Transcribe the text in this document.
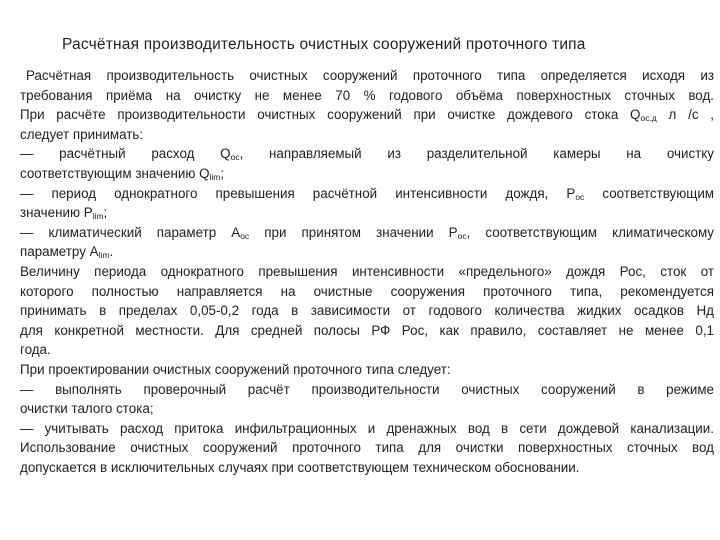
Расчётная производительность очистных сооружений проточного типа
Расчётная производительность очистных сооружений проточного типа определяется исходя из
требования приёма на очистку не менее 70 % годового объёма поверхностных сточных вод.
При расчёте производительности очистных сооружений при очистке дождевого стока $Q_{ос.д}$ л /с ,
следует принимать:
— расчётный расход $Q_{ос}$, направляемый из разделительной камеры на очистку
соответствующим значению $Q_{lim}$;
— период однократного превышения расчётной интенсивности дождя, $P_{ос}$ соответствующим
значению $P_{lim}$;
— климатический параметр $A_{ос}$ при принятом значении $P_{ос}$, соответствующим климатическому
параметру $A_{lim}$.
Величину периода однократного превышения интенсивности «предельного» дождя Рос, сток от
которого полностью направляется на очистные сооружения проточного типа, рекомендуется
принимать в пределах 0,05-0,2 года в зависимости от годового количества жидких осадков Нд
для конкретной местности. Для средней полосы РФ Рос, как правило, составляет не менее 0,1
года.
При проектировании очистных сооружений проточного типа следует:
— выполнять проверочный расчёт производительности очистных сооружений в режиме
очистки талого стока;
— учитывать расход притока инфильтрационных и дренажных вод в сети дождевой канализации.
Использование очистных сооружений проточного типа для очистки поверхностных сточных вод
допускается в исключительных случаях при соответствующем техническом обосновании.
